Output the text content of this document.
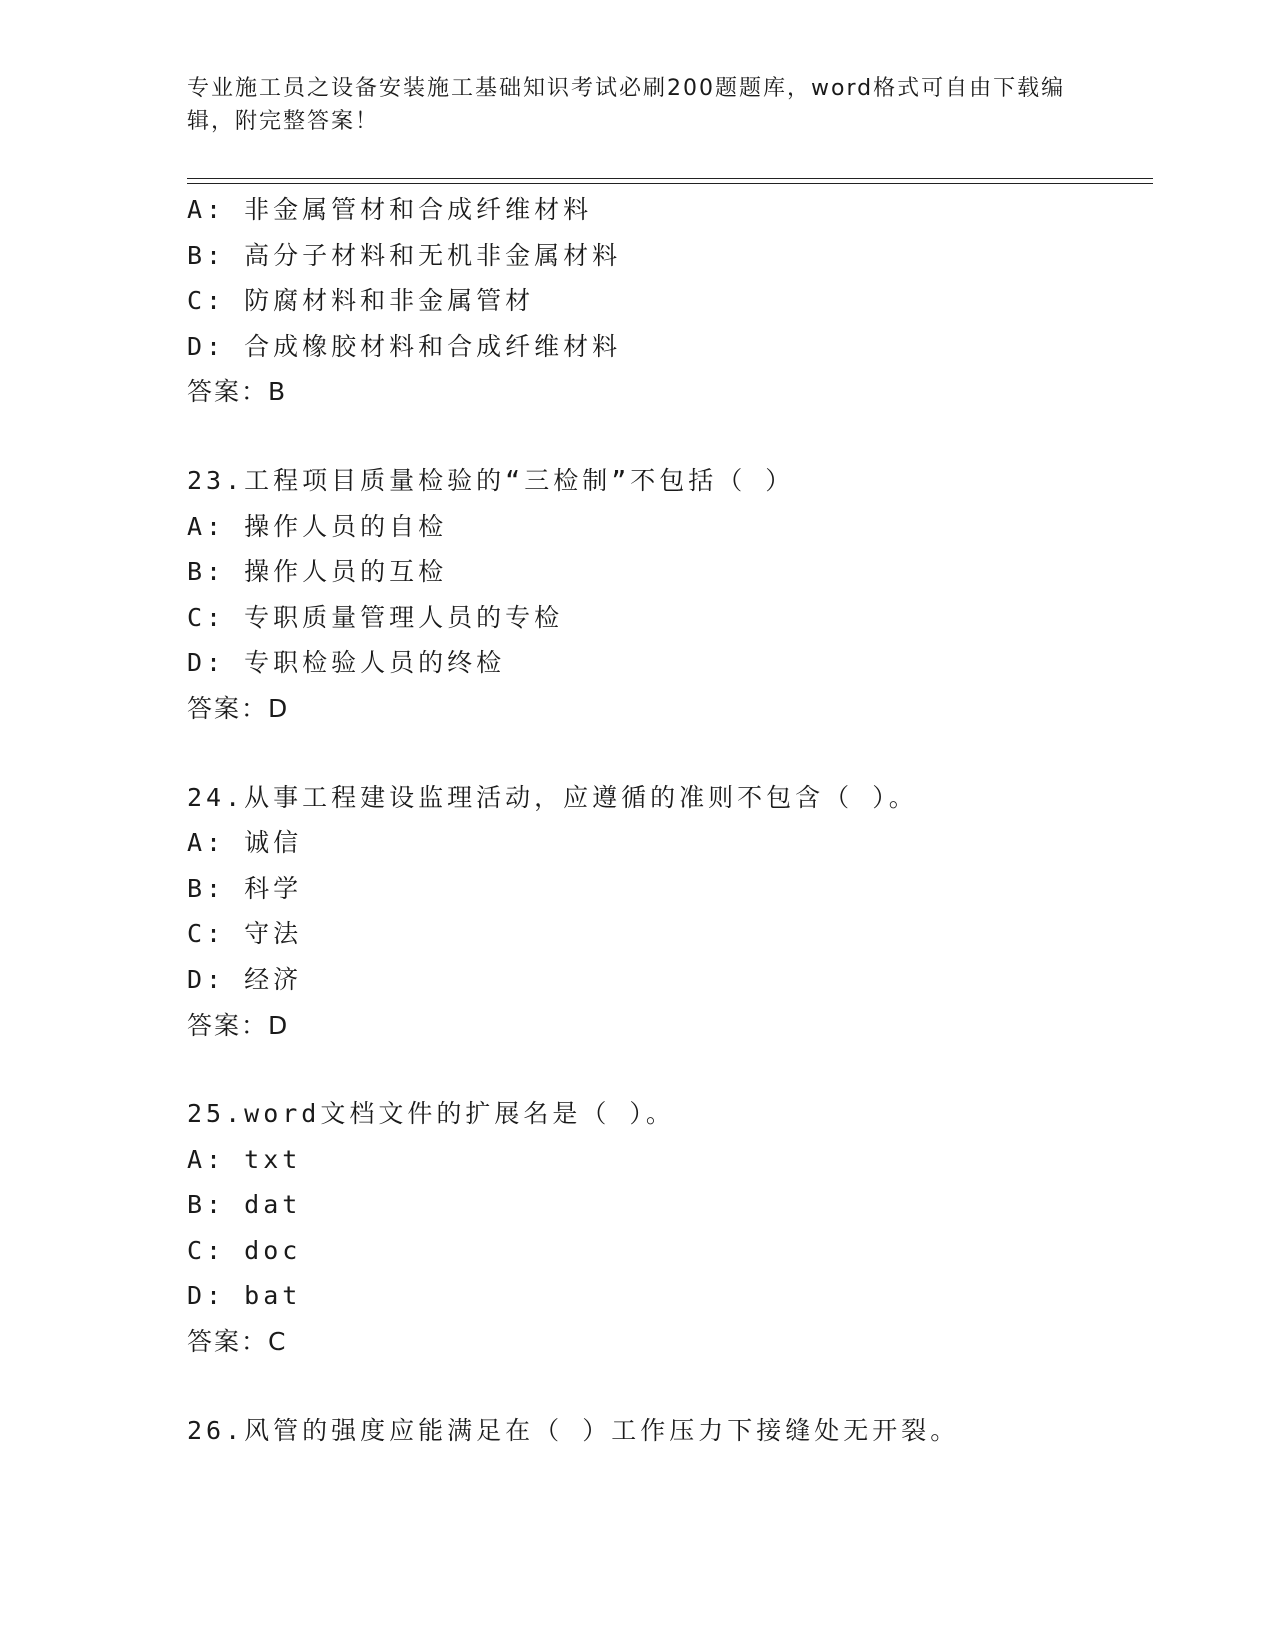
专业施工员之设备安装施工基础知识考试必刷200题题库，word格式可自由下载编辑，附完整答案！
A: 非金属管材和合成纤维材料
B: 高分子材料和无机非金属材料
C: 防腐材料和非金属管材
D: 合成橡胶材料和合成纤维材料
答案：B
23.工程项目质量检验的“三检制”不包括（ ）
A: 操作人员的自检
B: 操作人员的互检
C: 专职质量管理人员的专检
D: 专职检验人员的终检
答案：D
24.从事工程建设监理活动，应遵循的准则不包含（ ）。
A: 诚信
B: 科学
C: 守法
D: 经济
答案：D
25.word文档文件的扩展名是（ ）。
A: txt
B: dat
C: doc
D: bat
答案：C
26.风管的强度应能满足在（ ）工作压力下接缝处无开裂。
